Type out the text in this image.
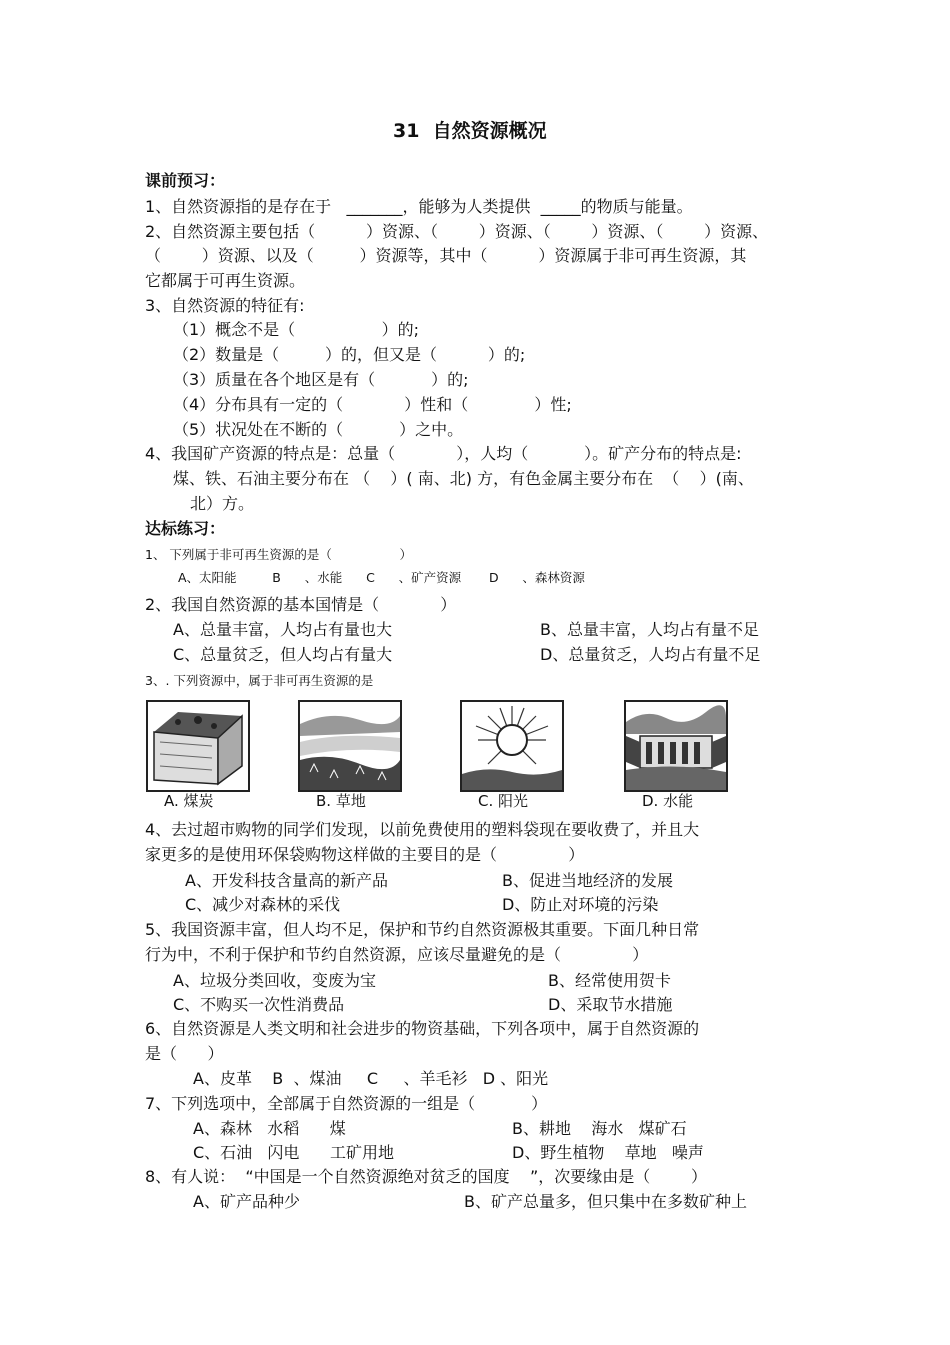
31  自然资源概况
课前预习：
1、自然资源指的是存在于   _______，能够为人类提供  _____的物质与能量。
2、自然资源主要包括（          ）资源、（        ）资源、（        ）资源、（        ）资源、
（        ）资源、以及（         ）资源等，其中（          ）资源属于非可再生资源，其
它都属于可再生资源。
3、自然资源的特征有:
（1）概念不是（                 ）的;
（2）数量是（         ）的，但又是（          ）的;
（3）质量在各个地区是有（           ）的;
（4）分布具有一定的（            ）性和（             ）性;
（5）状况处在不断的（           ）之中。
4、我国矿产资源的特点是：总量（            ），人均（           ）。矿产分布的特点是:
煤、铁、石油主要分布在 （    ）( 南、北) 方，有色金属主要分布在  （    ）(南、
北）方。
达标练习：
1、 下列属于非可再生资源的是（                 ）
A、太阳能         B      、水能      C      、矿产资源       D      、森林资源
2、我国自然资源的基本国情是（            ）
A、总量丰富，人均占有量也大	B、总量丰富，人均占有量不足
C、总量贫乏，但人均占有量大	D、总量贫乏，人均占有量不足
3、. 下列资源中，属于非可再生资源的是
A. 煤炭	B. 草地	C. 阳光	D. 水能
4、去过超市购物的同学们发现，以前免费使用的塑料袋现在要收费了，并且大
家更多的是使用环保袋购物这样做的主要目的是（              ）
A、开发科技含量高的新产品	B、促进当地经济的发展
C、减少对森林的采伐	D、防止对环境的污染
5、我国资源丰富，但人均不足，保护和节约自然资源极其重要。下面几种日常
行为中，不利于保护和节约自然资源，应该尽量避免的是（              ）
A、垃圾分类回收，变废为宝	B、经常使用贺卡
C、不购买一次性消费品	D、采取节水措施
6、自然资源是人类文明和社会进步的物资基础，下列各项中，属于自然资源的
是（      ）
A、皮革    B  、煤油     C     、羊毛衫   D 、阳光
7、下列选项中，全部属于自然资源的一组是（           ）
A、森林   水稻      煤	B、耕地    海水   煤矿石
C、石油   闪电      工矿用地	D、野生植物    草地   噪声
8、有人说：  “中国是一个自然资源绝对贫乏的国度    ”，次要缘由是（        ）
A、矿产品种少	B、矿产总量多，但只集中在多数矿种上
